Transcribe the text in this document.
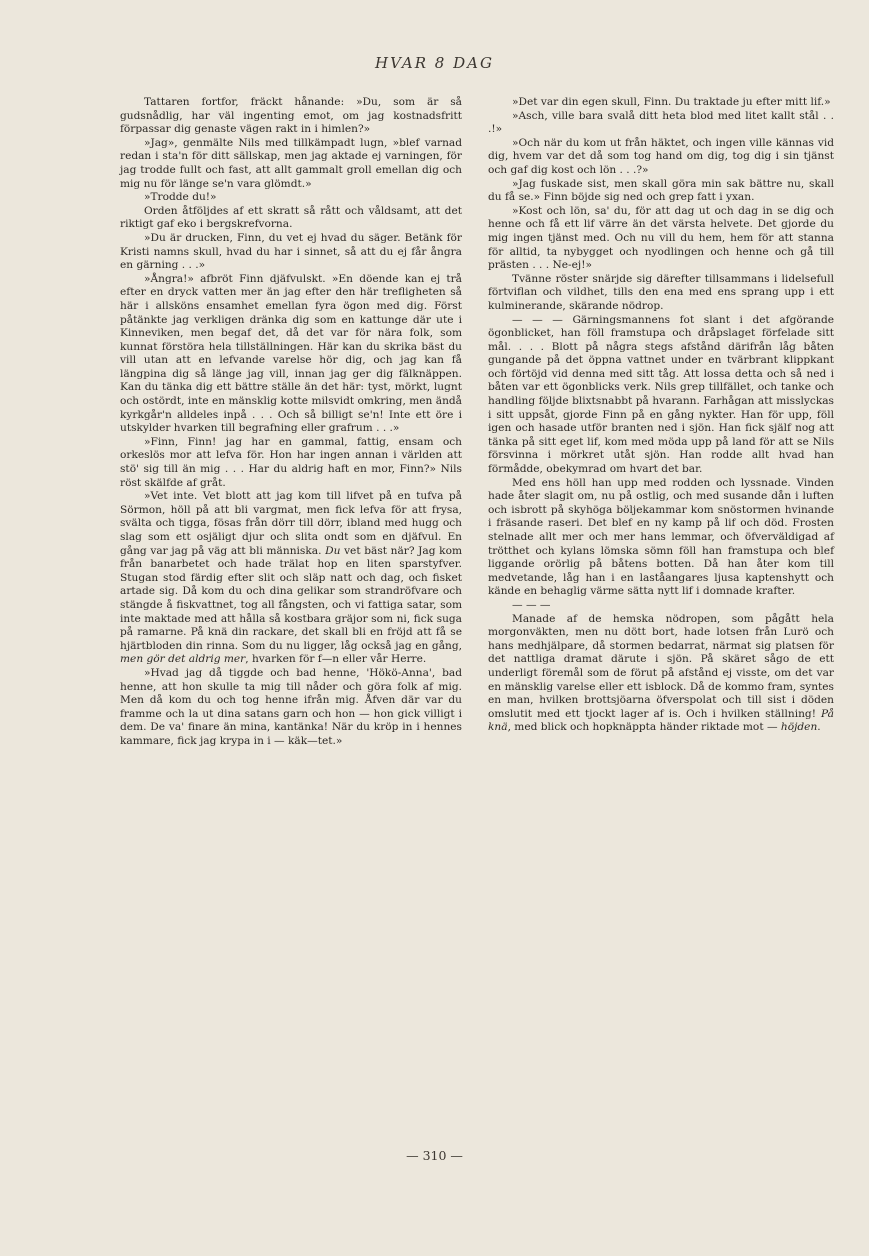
HVAR 8 DAG

Tattaren fortfor, fräckt hånande: »Du, som är så gudsnådlig, har väl ingenting emot, om jag kostnadsfritt förpassar dig genaste vägen rakt in i himlen?»

»Jag», genmälte Nils med tillkämpadt lugn, »blef varnad redan i sta'n för ditt sällskap, men jag aktade ej varningen, för jag trodde fullt och fast, att allt gammalt groll emellan dig och mig nu för länge se'n vara glömdt.»

»Trodde du!»

Orden åtföljdes af ett skratt så rått och våldsamt, att det riktigt gaf eko i bergskrefvorna.

»Du är drucken, Finn, du vet ej hvad du säger. Betänk för Kristi namns skull, hvad du har i sinnet, så att du ej får ångra en gärning . . .»

»Ångra!» afbröt Finn djäfvulskt. »En döende kan ej trå efter en dryck vatten mer än jag efter den här trefligheten så här i allsköns ensamhet emellan fyra ögon med dig. Först påtänkte jag verkligen dränka dig som en kattunge där ute i Kinneviken, men begaf det, då det var för nära folk, som kunnat förstöra hela tillställningen. Här kan du skrika bäst du vill utan att en lefvande varelse hör dig, och jag kan få längpina dig så länge jag vill, innan jag ger dig fälknäppen. Kan du tänka dig ett bättre ställe än det här: tyst, mörkt, lugnt och ostördt, inte en mänsklig kotte milsvidt omkring, men ändå kyrkgår'n alldeles inpå . . . Och så billigt se'n! Inte ett öre i utskylder hvarken till begrafning eller grafrum . . .»

»Finn, Finn! jag har en gammal, fattig, ensam och orkeslös mor att lefva för. Hon har ingen annan i världen att stö' sig till än mig . . . Har du aldrig haft en mor, Finn?» Nils röst skälfde af gråt.

»Vet inte. Vet blott att jag kom till lifvet på en tufva på Sörmon, höll på att bli vargmat, men fick lefva för att frysa, svälta och tigga, fösas från dörr till dörr, ibland med hugg och slag som ett osjäligt djur och slita ondt som en djäfvul. En gång var jag på väg att bli människa. Du vet bäst när? Jag kom från banarbetet och hade trälat hop en liten sparstyfver. Stugan stod färdig efter slit och släp natt och dag, och fisket artade sig. Då kom du och dina gelikar som strandröfvare och stängde å fiskvattnet, tog all fångsten, och vi fattiga satar, som inte maktade med att hålla så kostbara gräjor som ni, fick suga på ramarne. På knä din rackare, det skall bli en fröjd att få se hjärtbloden din rinna. Som du nu ligger, låg också jag en gång, men gör det aldrig mer, hvarken för f—n eller vår Herre.

»Hvad jag då tiggde och bad henne, 'Hökö-Anna', bad henne, att hon skulle ta mig till nåder och göra folk af mig. Men då kom du och tog henne ifrån mig. Åfven där var du framme och la ut dina satans garn och hon — hon gick villigt i dem. De va' finare än mina, kantänka! När du kröp in i hennes kammare, fick jag krypa in i — käk—tet.»

»Det var din egen skull, Finn. Du traktade ju efter mitt lif.»

»Asch, ville bara svalå ditt heta blod med litet kallt stål . . .!»

»Och när du kom ut från häktet, och ingen ville kännas vid dig, hvem var det då som tog hand om dig, tog dig i sin tjänst och gaf dig kost och lön . . .?»

»Jag fuskade sist, men skall göra min sak bättre nu, skall du få se.» Finn böjde sig ned och grep fatt i yxan.

»Kost och lön, sa' du, för att dag ut och dag in se dig och henne och få ett lif värre än det värsta helvete. Det gjorde du mig ingen tjänst med. Och nu vill du hem, hem för att stanna för alltid, ta nybygget och nyodlingen och henne och gå till prästen . . . Ne-ej!»

Tvänne röster snärjde sig därefter tillsammans i lidelsefull förtviflan och vildhet, tills den ena med ens sprang upp i ett kulminerande, skärande nödrop.

— — — Gärningsmannens fot slant i det afgörande ögonblicket, han föll framstupa och dråpslaget förfelade sitt mål. . . . Blott på några stegs afstånd därifrån låg båten gungande på det öppna vattnet under en tvärbrant klippkant och förtöjd vid denna med sitt tåg. Att lossa detta och så ned i båten var ett ögonblicks verk. Nils grep tillfället, och tanke och handling följde blixtsnabbt på hvarann. Farhågan att misslyckas i sitt uppsåt, gjorde Finn på en gång nykter. Han för upp, föll igen och hasade utför branten ned i sjön. Han fick själf nog att tänka på sitt eget lif, kom med möda upp på land för att se Nils försvinna i mörkret utåt sjön. Han rodde allt hvad han förmådde, obekymrad om hvart det bar.

Med ens höll han upp med rodden och lyssnade. Vinden hade åter slagit om, nu på ostlig, och med susande dån i luften och isbrott på skyhöga böljekammar kom snöstormen hvinande i fräsande raseri. Det blef en ny kamp på lif och död. Frosten stelnade allt mer och mer hans lemmar, och öfverväldigad af trötthet och kylans lömska sömn föll han framstupa och blef liggande orörlig på båtens botten. Då han åter kom till medvetande, låg han i en laståangares ljusa kaptenshytt och kände en behaglig värme sätta nytt lif i domnade krafter.

— — —

Manade af de hemska nödropen, som pågått hela morgonväkten, men nu dött bort, hade lotsen från Lurö och hans medhjälpare, då stormen bedarrat, närmat sig platsen för det nattliga dramat därute i sjön. På skäret sågo de ett underligt föremål som de förut på afstånd ej visste, om det var en mänsklig varelse eller ett isblock. Då de kommo fram, syntes en man, hvilken brottsjöarna öfverspolat och till sist i döden omslutit med ett tjockt lager af is. Och i hvilken ställning! På knä, med blick och hopknäppta händer riktade mot — höjden.

— 310 —
